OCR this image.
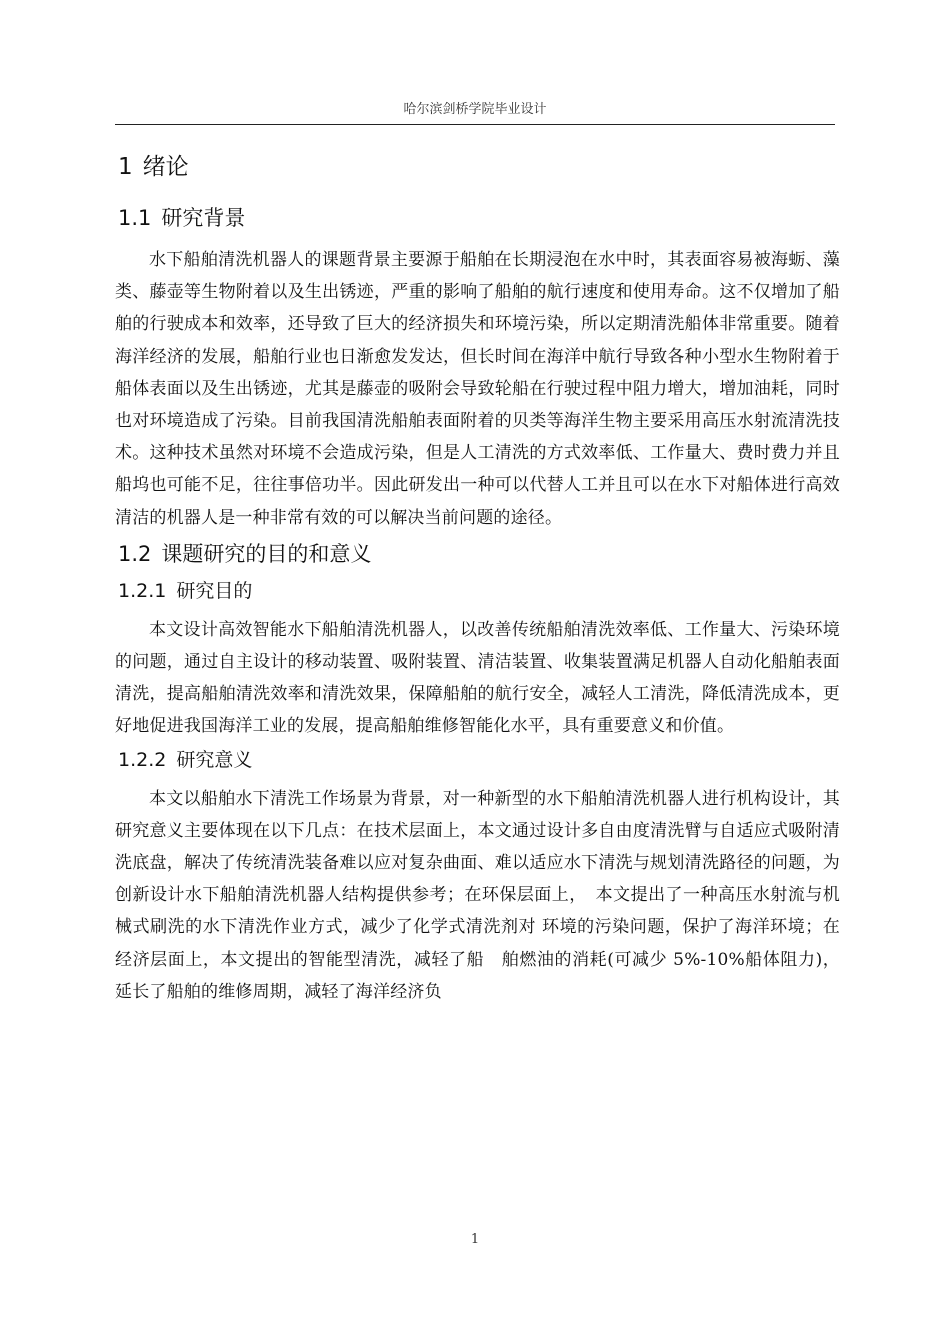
哈尔滨剑桥学院毕业设计
1 绪论
1.1 研究背景

水下船舶清洗机器人的课题背景主要源于船舶在长期浸泡在水中时，其表面容易被海蛎、藻类、藤壶等生物附着以及生出锈迹，严重的影响了船舶的航行速度和使用寿命。这不仅增加了船舶的行驶成本和效率，还导致了巨大的经济损失和环境污染，所以定期清洗船体非常重要。随着海洋经济的发展，船舶行业也日渐愈发发达，但长时间在海洋中航行导致各种小型水生物附着于船体表面以及生出锈迹，尤其是藤壶的吸附会导致轮船在行驶过程中阻力增大，增加油耗，同时也对环境造成了污染。目前我国清洗船舶表面附着的贝类等海洋生物主要采用高压水射流清洗技术。这种技术虽然对环境不会造成污染，但是人工清洗的方式效率低、工作量大、费时费力并且船坞也可能不足，往往事倍功半。因此研发出一种可以代替人工并且可以在水下对船体进行高效清洁的机器人是一种非常有效的可以解决当前问题的途径。

1.2 课题研究的目的和意义
1.2.1 研究目的

本文设计高效智能水下船舶清洗机器人，以改善传统船舶清洗效率低、工作量大、污染环境的问题，通过自主设计的移动装置、吸附装置、清洁装置、收集装置满足机器人自动化船舶表面清洗，提高船舶清洗效率和清洗效果，保障船舶的航行安全，减轻人工清洗，降低清洗成本，更好地促进我国海洋工业的发展，提高船舶维修智能化水平，具有重要意义和价值。

1.2.2 研究意义

本文以船舶水下清洗工作场景为背景，对一种新型的水下船舶清洗机器人进行机构设计，其研究意义主要体现在以下几点：在技术层面上，本文通过设计多自由度清洗臂与自适应式吸附清洗底盘，解决了传统清洗装备难以应对复杂曲面、难以适应水下清洗与规划清洗路径的问题，为创新设计水下船舶清洗机器人结构提供参考；在环保层面上，　本文提出了一种高压水射流与机械式刷洗的水下清洗作业方式，减少了化学式清洗剂对 环境的污染问题，保护了海洋环境；在经济层面上，本文提出的智能型清洗，减轻了船　舶燃油的消耗(可减少 5%-10%船体阻力)，延长了船舶的维修周期，减轻了海洋经济负

1
